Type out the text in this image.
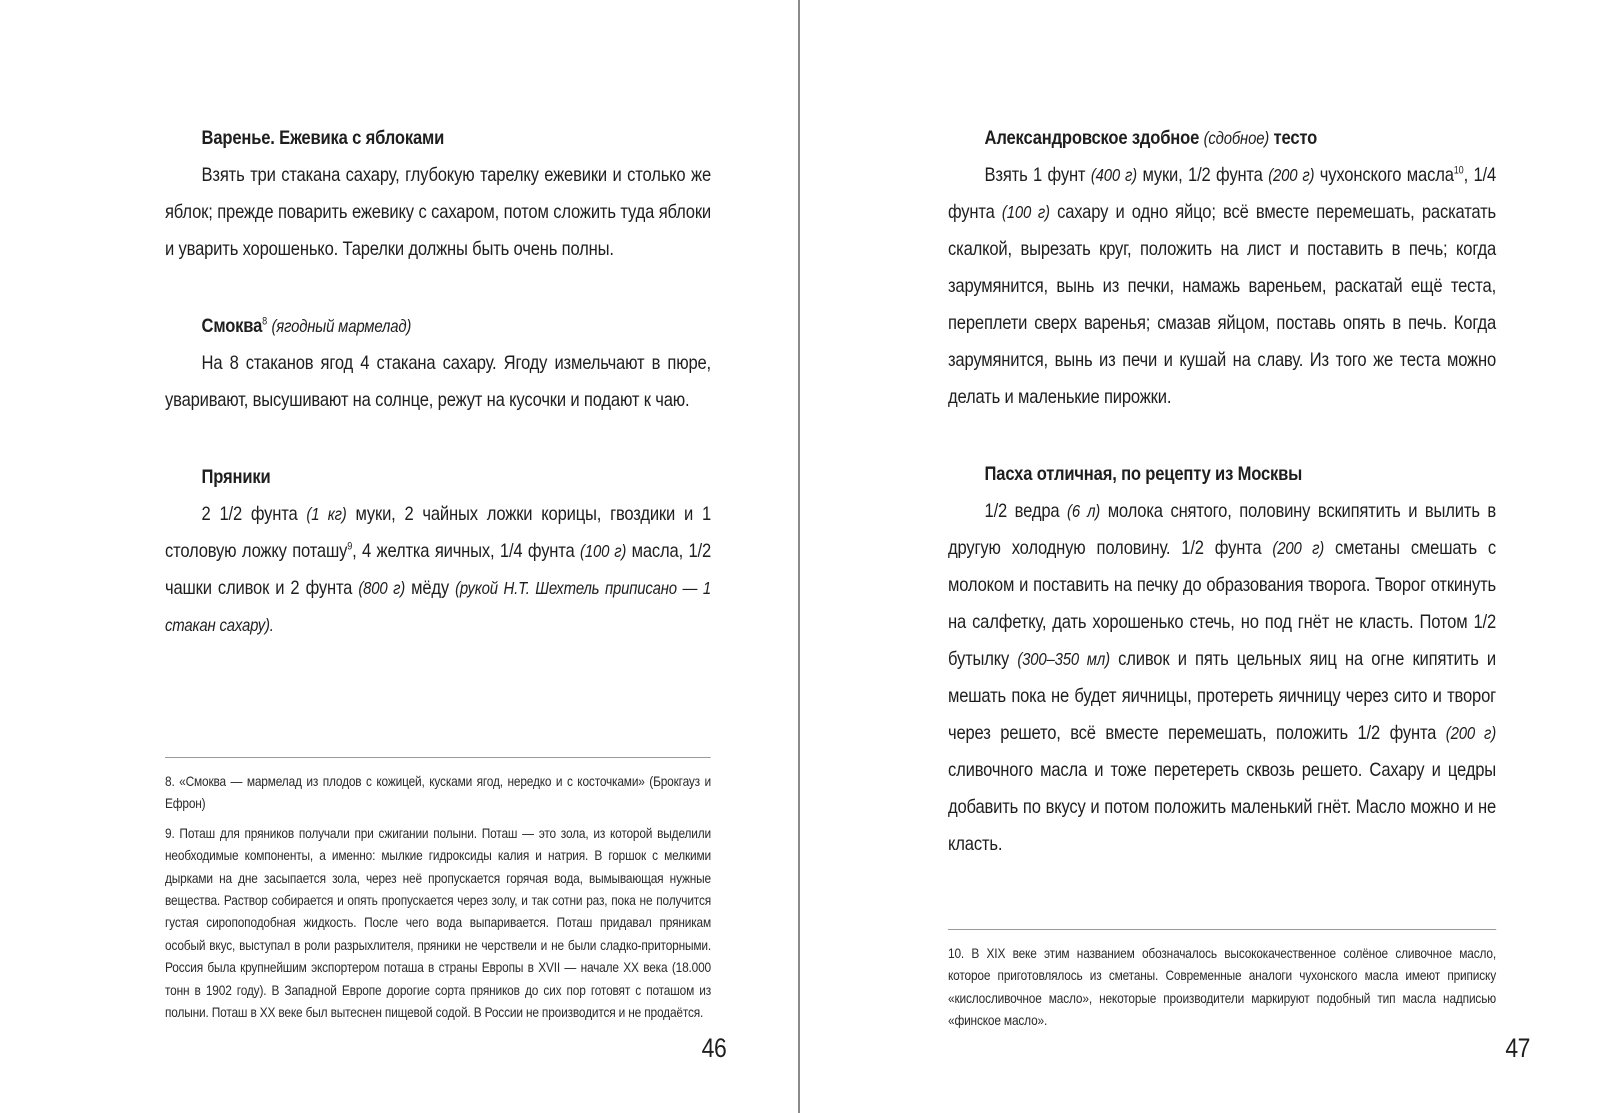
Варенье. Ежевика с яблоками

Взять три стакана сахару, глубокую тарелку ежевики и столько же яблок; прежде поварить ежевику с сахаром, потом сложить туда яблоки и уварить хорошенько. Тарелки должны быть очень полны.

Смоква$^8$ (ягодный мармелад)

На 8 стаканов ягод 4 стакана сахару. Ягоду измельчают в пюре, уваривают, высушивают на солнце, режут на кусочки и подают к чаю.

Пряники

2 1/2 фунта (1 кг) муки, 2 чайных ложки корицы, гвоздики и 1 столовую ложку поташу$^9$, 4 желтка яичных, 1/4 фунта (100 г) масла, 1/2 чашки сливок и 2 фунта (800 г) мёду (рукой Н.Т. Шехтель приписано — 1 стакан сахару).

8. «Смоква — мармелад из плодов с кожицей, кусками ягод, нередко и с косточками» (Брокгауз и Ефрон)

9. Поташ для пряников получали при сжигании полыни. Поташ — это зола, из которой выделили необходимые компоненты, а именно: мылкие гидроксиды калия и натрия. В горшок с мелкими дырками на дне засыпается зола, через неё пропускается горячая вода, вымывающая нужные вещества. Раствор собирается и опять пропускается через золу, и так сотни раз, пока не получится густая сиропоподобная жидкость. После чего вода выпаривается. Поташ придавал пряникам особый вкус, выступал в роли разрыхлителя, пряники не черствели и не были сладко-приторными. Россия была крупнейшим экспортером поташа в страны Европы в XVII — начале XX века (18.000 тонн в 1902 году). В Западной Европе дорогие сорта пряников до сих пор готовят с поташом из полыни. Поташ в XX веке был вытеснен пищевой содой. В России не производится и не продаётся.

46
Александровское здобное (сдобное) тесто

Взять 1 фунт (400 г) муки, 1/2 фунта (200 г) чухонского масла$^{10}$, 1/4 фунта (100 г) сахару и одно яйцо; всё вместе перемешать, раскатать скалкой, вырезать круг, положить на лист и поставить в печь; когда зарумянится, вынь из печки, намажь вареньем, раскатай ещё теста, переплети сверх варенья; смазав яйцом, поставь опять в печь. Когда зарумянится, вынь из печи и кушай на славу. Из того же теста можно делать и маленькие пирожки.

Пасха отличная, по рецепту из Москвы

1/2 ведра (6 л) молока снятого, половину вскипятить и вылить в другую холодную половину. 1/2 фунта (200 г) сметаны смешать с молоком и поставить на печку до образования творога. Творог откинуть на салфетку, дать хорошенько стечь, но под гнёт не класть. Потом 1/2 бутылку (300–350 мл) сливок и пять цельных яиц на огне кипятить и мешать пока не будет яичницы, протереть яичницу через сито и творог через решето, всё вместе перемешать, положить 1/2 фунта (200 г) сливочного масла и тоже перетереть сквозь решето. Сахару и цедры добавить по вкусу и потом положить маленький гнёт. Масло можно и не класть.

10. В XIX веке этим названием обозначалось высококачественное солёное сливочное масло, которое приготовлялось из сметаны. Современные аналоги чухонского масла имеют приписку «кислосливочное масло», некоторые производители маркируют подобный тип масла надписью «финское масло».

47
